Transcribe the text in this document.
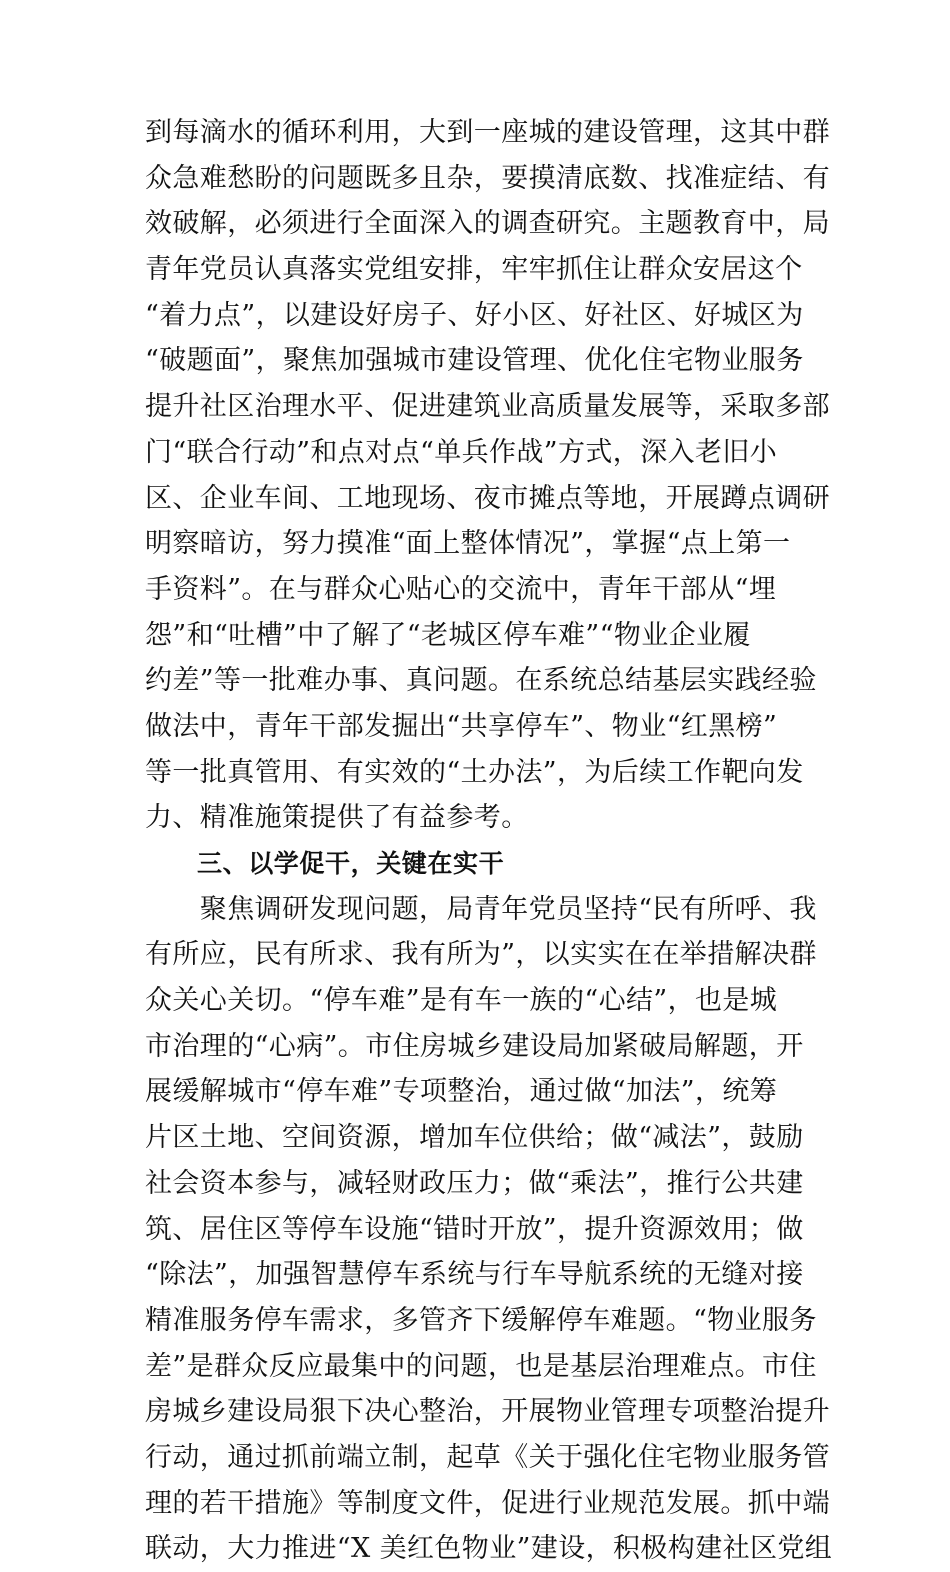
到每滴水的循环利用，大到一座城的建设管理，这其中群
众急难愁盼的问题既多且杂，要摸清底数、找准症结、有
效破解，必须进行全面深入的调查研究。主题教育中，局
青年党员认真落实党组安排，牢牢抓住让群众安居这个
“着力点”，以建设好房子、好小区、好社区、好城区为
“破题面”，聚焦加强城市建设管理、优化住宅物业服务
提升社区治理水平、促进建筑业高质量发展等，采取多部
门“联合行动”和点对点“单兵作战”方式，深入老旧小
区、企业车间、工地现场、夜市摊点等地，开展蹲点调研
明察暗访，努力摸准“面上整体情况”，掌握“点上第一
手资料”。在与群众心贴心的交流中，青年干部从“埋
怨”和“吐槽”中了解了“老城区停车难”“物业企业履
约差”等一批难办事、真问题。在系统总结基层实践经验
做法中，青年干部发掘出“共享停车”、物业“红黑榜”
等一批真管用、有实效的“土办法”，为后续工作靶向发
力、精准施策提供了有益参考。
三、以学促干，关键在实干
　　聚焦调研发现问题，局青年党员坚持“民有所呼、我
有所应，民有所求、我有所为”，以实实在在举措解决群
众关心关切。“停车难”是有车一族的“心结”，也是城
市治理的“心病”。市住房城乡建设局加紧破局解题，开
展缓解城市“停车难”专项整治，通过做“加法”，统筹
片区土地、空间资源，增加车位供给；做“减法”，鼓励
社会资本参与，减轻财政压力；做“乘法”，推行公共建
筑、居住区等停车设施“错时开放”，提升资源效用；做
“除法”，加强智慧停车系统与行车导航系统的无缝对接
精准服务停车需求，多管齐下缓解停车难题。“物业服务
差”是群众反应最集中的问题，也是基层治理难点。市住
房城乡建设局狠下决心整治，开展物业管理专项整治提升
行动，通过抓前端立制，起草《关于强化住宅物业服务管
理的若干措施》等制度文件，促进行业规范发展。抓中端
联动，大力推进“X 美红色物业”建设，积极构建社区党组
